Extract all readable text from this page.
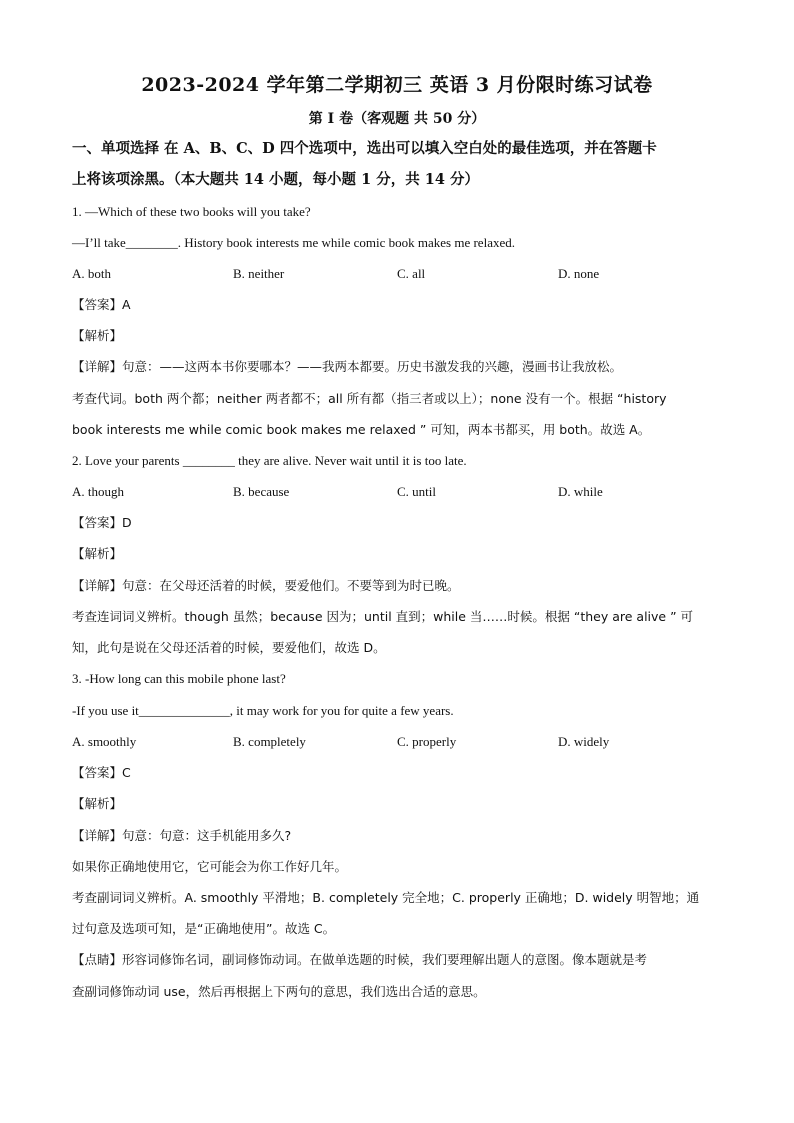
2023-2024 学年第二学期初三 英语 3 月份限时练习试卷
第 I 卷（客观题 共 50 分）
一、单项选择 在 A、B、C、D 四个选项中，选出可以填入空白处的最佳选项，并在答题卡
上将该项涂黑。（本大题共 14 小题，每小题 1 分，共 14 分）
1. —Which of these two books will you take?
—I’ll take________. History book interests me while comic book makes me relaxed.
A. both	B. neither	C. all	D. none
【答案】A
【解析】
【详解】句意：——这两本书你要哪本？——我两本都要。历史书激发我的兴趣，漫画书让我放松。
考查代词。both 两个都；neither 两者都不；all 所有都（指三者或以上）；none 没有一个。根据 “history
book interests me while comic book makes me relaxed ” 可知，两本书都买，用 both。故选 A。
2. Love your parents ________ they are alive. Never wait until it is too late.
A. though	B. because	C. until	D. while
【答案】D
【解析】
【详解】句意：在父母还活着的时候，要爱他们。不要等到为时已晚。
考查连词词义辨析。though 虽然；because 因为；until 直到；while 当……时候。根据 “they are alive ” 可
知，此句是说在父母还活着的时候，要爱他们，故选 D。
3. -How long can this mobile phone last?
-If you use it______________, it may work for you for quite a few years.
A. smoothly	B. completely	C. properly	D. widely
【答案】C
【解析】
【详解】句意：句意：这手机能用多久?
如果你正确地使用它，它可能会为你工作好几年。
考查副词词义辨析。A. smoothly 平滑地；B. completely 完全地；C. properly 正确地；D. widely 明智地；通
过句意及选项可知，是“正确地使用”。故选 C。
【点睛】形容词修饰名词，副词修饰动词。在做单选题的时候，我们要理解出题人的意图。像本题就是考
查副词修饰动词 use，然后再根据上下两句的意思，我们选出合适的意思。
